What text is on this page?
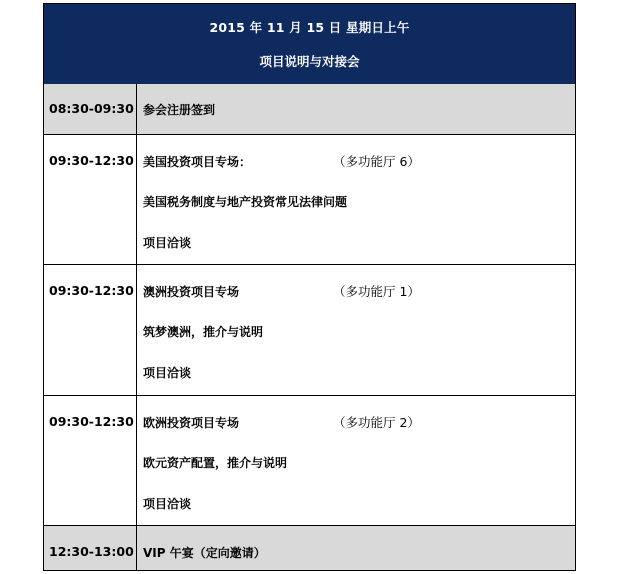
2015 年 11 月 15 日 星期日上午
项目说明与对接会
08:30-09:30 参会注册签到
09:30-12:30 美国投资项目专场：	（多功能厅 6）
美国税务制度与地产投资常见法律问题
项目洽谈
09:30-12:30 澳洲投资项目专场	（多功能厅 1）
筑梦澳洲，推介与说明
项目洽谈
09:30-12:30 欧洲投资项目专场	（多功能厅 2）
欧元资产配置，推介与说明
项目洽谈
12:30-13:00 VIP 午宴（定向邀请）
